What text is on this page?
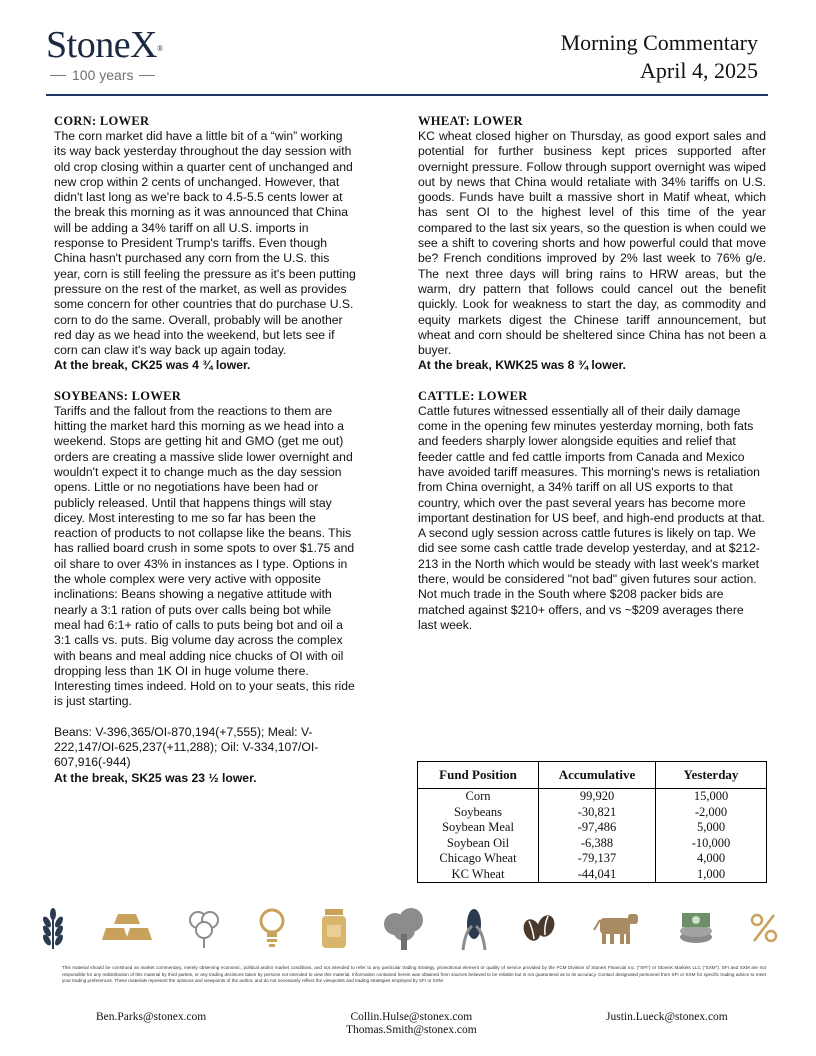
StoneX®
100 years
Morning Commentary
April 4, 2025
CORN: LOWER

The corn market did have a little bit of a “win” working its way back yesterday throughout the day session with old crop closing within a quarter cent of unchanged and new crop within 2 cents of unchanged. However, that didn't last long as we're back to 4.5-5.5 cents lower at the break this morning as it was announced that China will be adding a 34% tariff on all U.S. imports in response to President Trump's tariffs. Even though China hasn't purchased any corn from the U.S. this year, corn is still feeling the pressure as it's been putting pressure on the rest of the market, as well as provides some concern for other countries that do purchase U.S. corn to do the same. Overall, probably will be another red day as we head into the weekend, but lets see if corn can claw it's way back up again today.

At the break, CK25 was 4 ¾ lower.
SOYBEANS: LOWER

Tariffs and the fallout from the reactions to them are hitting the market hard this morning as we head into a weekend. Stops are getting hit and GMO (get me out) orders are creating a massive slide lower overnight and wouldn't expect it to change much as the day session opens. Little or no negotiations have been had or publicly released. Until that happens things will stay dicey. Most interesting to me so far has been the reaction of products to not collapse like the beans. This has rallied board crush in some spots to over $1.75 and oil share to over 43% in instances as I type. Options in the whole complex were very active with opposite inclinations: Beans showing a negative attitude with nearly a 3:1 ration of puts over calls being bot while meal had 6:1+ ratio of calls to puts being bot and oil a 3:1 calls vs. puts. Big volume day across the complex with beans and meal adding nice chucks of OI with oil dropping less than 1K OI in huge volume there. Interesting times indeed. Hold on to your seats, this ride is just starting.

Beans: V-396,365/OI-870,194(+7,555); Meal: V-222,147/OI-625,237(+11,288); Oil: V-334,107/OI-607,916(-944)

At the break, SK25 was 23 ½ lower.
WHEAT: LOWER

KC wheat closed higher on Thursday, as good export sales and potential for further business kept prices supported after overnight pressure. Follow through support overnight was wiped out by news that China would retaliate with 34% tariffs on U.S. goods. Funds have built a massive short in Matif wheat, which has sent OI to the highest level of this time of the year compared to the last six years, so the question is when could we see a shift to covering shorts and how powerful could that move be? French conditions improved by 2% last week to 76% g/e. The next three days will bring rains to HRW areas, but the warm, dry pattern that follows could cancel out the benefit quickly. Look for weakness to start the day, as commodity and equity markets digest the Chinese tariff announcement, but wheat and corn should be sheltered since China has not been a buyer.

At the break, KWK25 was 8 ¾ lower.
CATTLE: LOWER

Cattle futures witnessed essentially all of their daily damage come in the opening few minutes yesterday morning, both fats and feeders sharply lower alongside equities and relief that feeder cattle and fed cattle imports from Canada and Mexico have avoided tariff measures. This morning's news is retaliation from China overnight, a 34% tariff on all US exports to that country, which over the past several years has become more important destination for US beef, and high-end products at that. A second ugly session across cattle futures is likely on tap. We did see some cash cattle trade develop yesterday, and at $212-213 in the North which would be steady with last week's market there, would be considered "not bad" given futures sour action. Not much trade in the South where $208 packer bids are matched against $210+ offers, and vs ~$209 averages there last week.

Fund Position	Accumulative	Yesterday
Corn	99,920	15,000
Soybeans	-30,821	-2,000
Soybean Meal	-97,486	5,000
Soybean Oil	-6,388	-10,000
Chicago Wheat	-79,137	4,000
KC Wheat	-44,041	1,000
This material should be construed as market commentary, merely observing economic, political and/or market conditions, and not intended to refer to any particular trading strategy, promotional element or quality of service provided by the FCM Division of StoneX Financial Inc. ("SFI") or StoneX Markets LLC ("SXM"). SFI and SXM are not responsible for any redistribution of this material by third parties, or any trading decisions taken by persons not intended to view this material. Information contained herein was obtained from sources believed to be reliable but is not guaranteed as to its accuracy. Contact designated personnel from SFI or SXM for specific trading advice to meet your trading preferences. These materials represent the opinions and viewpoints of the author, and do not necessarily reflect the viewpoints and trading strategies employed by SFI or SXM.
Ben.Parks@stonex.com	Collin.Hulse@stonex.com
Thomas.Smith@stonex.com
Justin.Lueck@stonex.com
